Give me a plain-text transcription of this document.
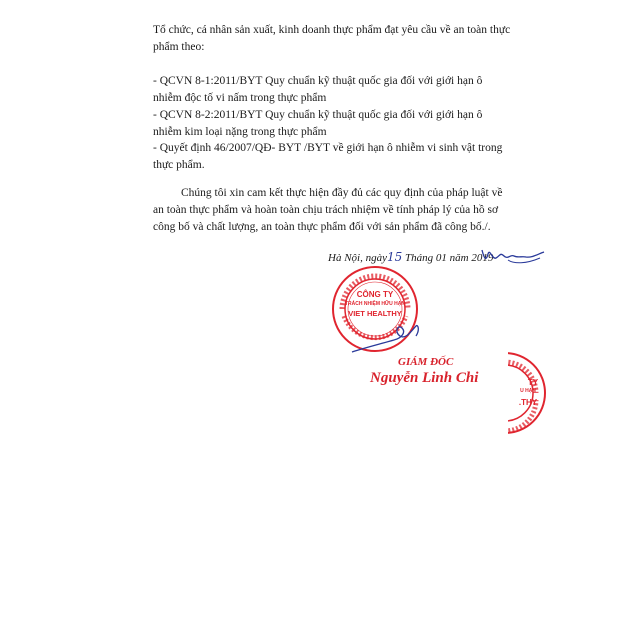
Tổ chức, cá nhân sản xuất, kinh doanh thực phẩm đạt yêu cầu về an toàn thực phẩm theo:

- QCVN 8-1:2011/BYT Quy chuẩn kỹ thuật quốc gia đối với giới hạn ô nhiễm độc tố vi nấm trong thực phẩm

- QCVN 8-2:2011/BYT Quy chuẩn kỹ thuật quốc gia đối với giới hạn ô nhiễm kim loại nặng trong thực phẩm

- Quyết định 46/2007/QĐ- BYT /BYT về giới hạn ô nhiễm vi sinh vật trong thực phẩm.

Chúng tôi xin cam kết thực hiện đầy đủ các quy định của pháp luật về an toàn thực phẩm và hoàn toàn chịu trách nhiệm về tính pháp lý của hồ sơ công bố và chất lượng, an toàn thực phẩm đối với sản phẩm đã công bố./.

Hà Nội, ngày15 Tháng 01 năm 2019
CÔNG TY
TRÁCH NHIỆM HỮU HẠN
VIET HEALTHY
GIÁM ĐỐC
Nguyễn Linh Chi	TY
U HẠN
.THY
